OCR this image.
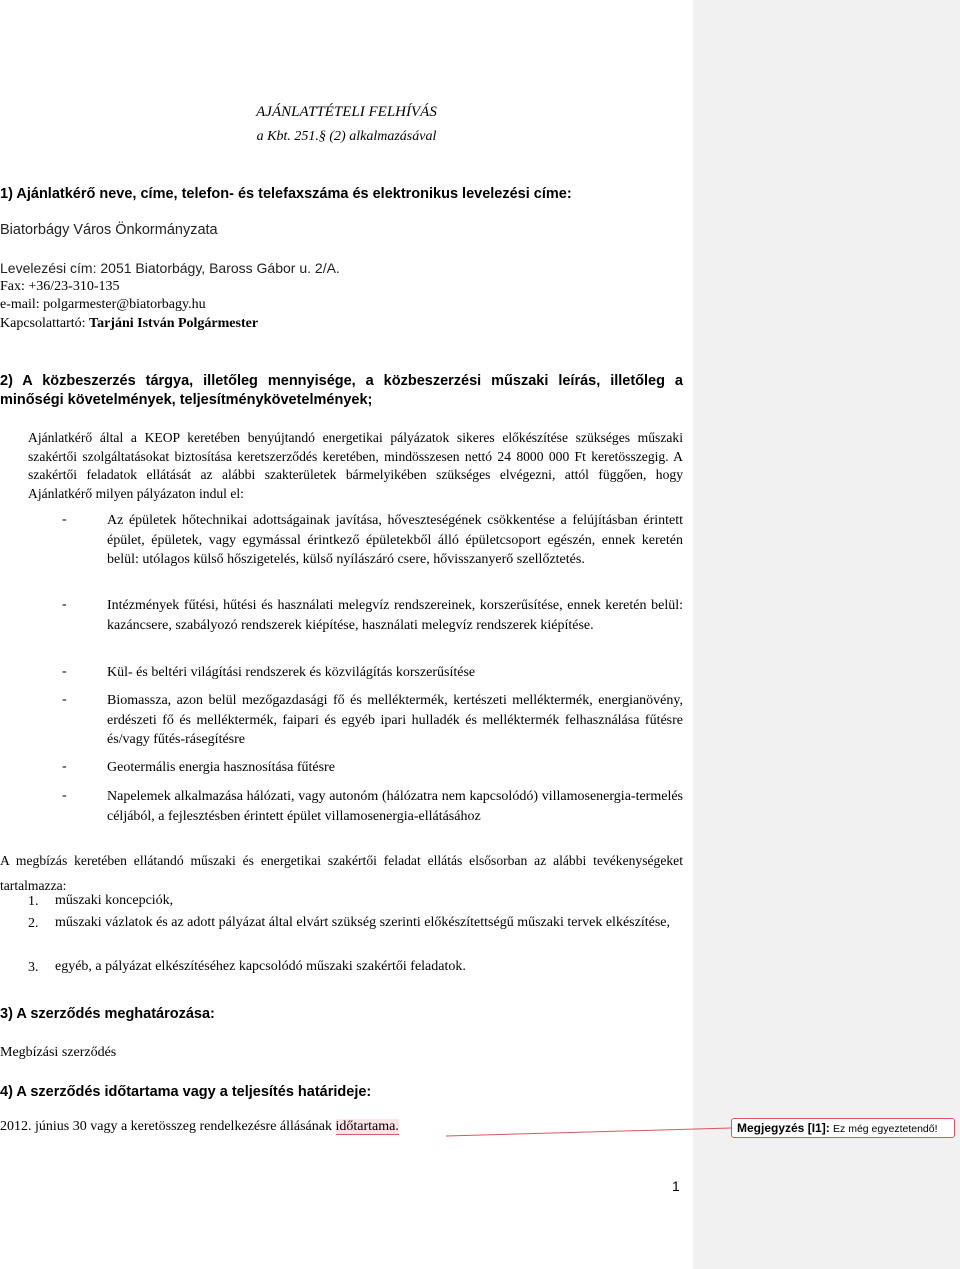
AJÁNLATTÉTELI FELHÍVÁS
a Kbt. 251.§ (2) alkalmazásával
1) Ajánlatkérő neve, címe, telefon- és telefaxszáma és elektronikus levelezési címe:
Biatorbágy Város Önkormányzata
Levelezési cím: 2051 Biatorbágy, Baross Gábor u. 2/A.
Fax: +36/23-310-135
e-mail: polgarmester@biatorbagy.hu
Kapcsolattartó: Tarjáni István Polgármester
2) A közbeszerzés tárgya, illetőleg mennyisége, a közbeszerzési műszaki leírás, illetőleg a minőségi követelmények, teljesítménykövetelmények;
Ajánlatkérő által a KEOP keretében benyújtandó energetikai pályázatok sikeres előkészítése szükséges műszaki szakértői szolgáltatásokat biztosítása keretszerződés keretében, mindösszesen nettó 24 8000 000 Ft keretösszegig. A szakértői feladatok ellátását az alábbi szakterületek bármelyikében szükséges elvégezni, attól függően, hogy Ajánlatkérő milyen pályázaton indul el:
-	Az épületek hőtechnikai adottságainak javítása, hőveszteségének csökkentése a felújításban érintett épület, épületek, vagy egymással érintkező épületekből álló épületcsoport egészén, ennek keretén belül: utólagos külső hőszigetelés, külső nyílászáró csere, hővisszanyerő szellőztetés.
-	Intézmények fűtési, hűtési és használati melegvíz rendszereinek, korszerűsítése, ennek keretén belül: kazáncsere, szabályozó rendszerek kiépítése, használati melegvíz rendszerek kiépítése.
-	Kül- és beltéri világítási rendszerek és közvilágítás korszerűsítése
-	Biomassza, azon belül mezőgazdasági fő és melléktermék, kertészeti melléktermék, energianövény, erdészeti fő és melléktermék, faipari és egyéb ipari hulladék és melléktermék felhasználása fűtésre és/vagy fűtés-rásegítésre
-	Geotermális energia hasznosítása fűtésre
-	Napelemek alkalmazása hálózati, vagy autonóm (hálózatra nem kapcsolódó) villamosenergia-termelés céljából, a fejlesztésben érintett épület villamosenergia-ellátásához
A megbízás keretében ellátandó műszaki és energetikai szakértői feladat ellátás elsősorban az alábbi tevékenységeket tartalmazza:
1. műszaki koncepciók,
2. műszaki vázlatok és az adott pályázat által elvárt szükség szerinti előkészítettségű műszaki tervek elkészítése,
3. egyéb, a pályázat elkészítéséhez kapcsolódó műszaki szakértői feladatok.
3) A szerződés meghatározása:
Megbízási szerződés
4) A szerződés időtartama vagy a teljesítés határideje:
2012. június 30 vagy a keretösszeg rendelkezésre állásának időtartama.
1
Megjegyzés [I1]: Ez még egyeztetendő!
